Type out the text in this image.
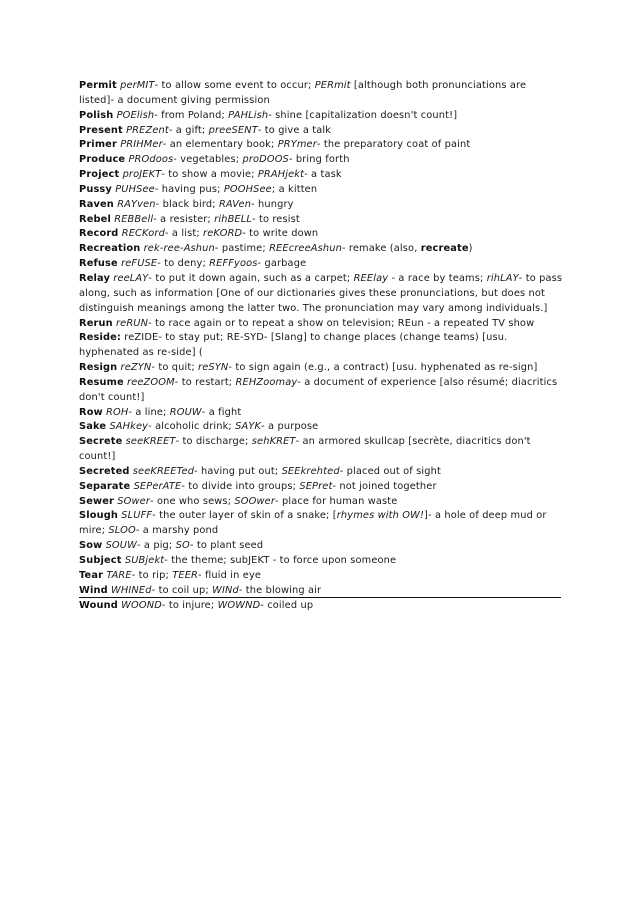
Permit perMIT- to allow some event to occur; PERmit [although both pronunciations are listed]- a document giving permission

Polish POElish- from Poland; PAHLish- shine [capitalization doesn't count!]

Present PREZent- a gift; preeSENT- to give a talk

Primer PRIHMer- an elementary book; PRYmer- the preparatory coat of paint

Produce PROdoos- vegetables; proDOOS- bring forth

Project proJEKT- to show a movie; PRAHjekt- a task

Pussy PUHSee- having pus; POOHSee; a kitten

Raven RAYven- black bird; RAVen- hungry

Rebel REBBell- a resister; rihBELL- to resist

Record RECKord- a list; reKORD- to write down

Recreation rek-ree-Ashun- pastime; REEcreeAshun- remake (also, recreate)

Refuse reFUSE- to deny; REFFyoos- garbage

Relay reeLAY- to put it down again, such as a carpet; REElay - a race by teams; rihLAY- to pass along, such as information [One of our dictionaries gives these pronunciations, but does not distinguish meanings among the latter two. The pronunciation may vary among individuals.]

Rerun reRUN- to race again or to repeat a show on television; REun - a repeated TV show

Reside: reZIDE- to stay put; RE-SYD- [Slang] to change places (change teams) [usu. hyphenated as re-side] (

Resign reZYN- to quit; reSYN- to sign again (e.g., a contract) [usu. hyphenated as re-sign]

Resume reeZOOM- to restart; REHZoomay- a document of experience [also résumé; diacritics don't count!]

Row ROH- a line; ROUW- a fight

Sake SAHkey- alcoholic drink; SAYK- a purpose

Secrete seeKREET- to discharge; sehKRET- an armored skullcap [secrète, diacritics don't count!]

Secreted seeKREETed- having put out; SEEkrehted- placed out of sight

Separate SEPerATE- to divide into groups; SEPret- not joined together

Sewer SOwer- one who sews; SOOwer- place for human waste

Slough SLUFF- the outer layer of skin of a snake; [rhymes with OW!]- a hole of deep mud or mire; SLOO- a marshy pond

Sow SOUW- a pig; SO- to plant seed

Subject SUBjekt- the theme; subJEKT - to force upon someone

Tear TARE- to rip; TEER- fluid in eye

Wind WHINEd- to coil up; WINd- the blowing air

Wound WOOND- to injure; WOWND- coiled up
